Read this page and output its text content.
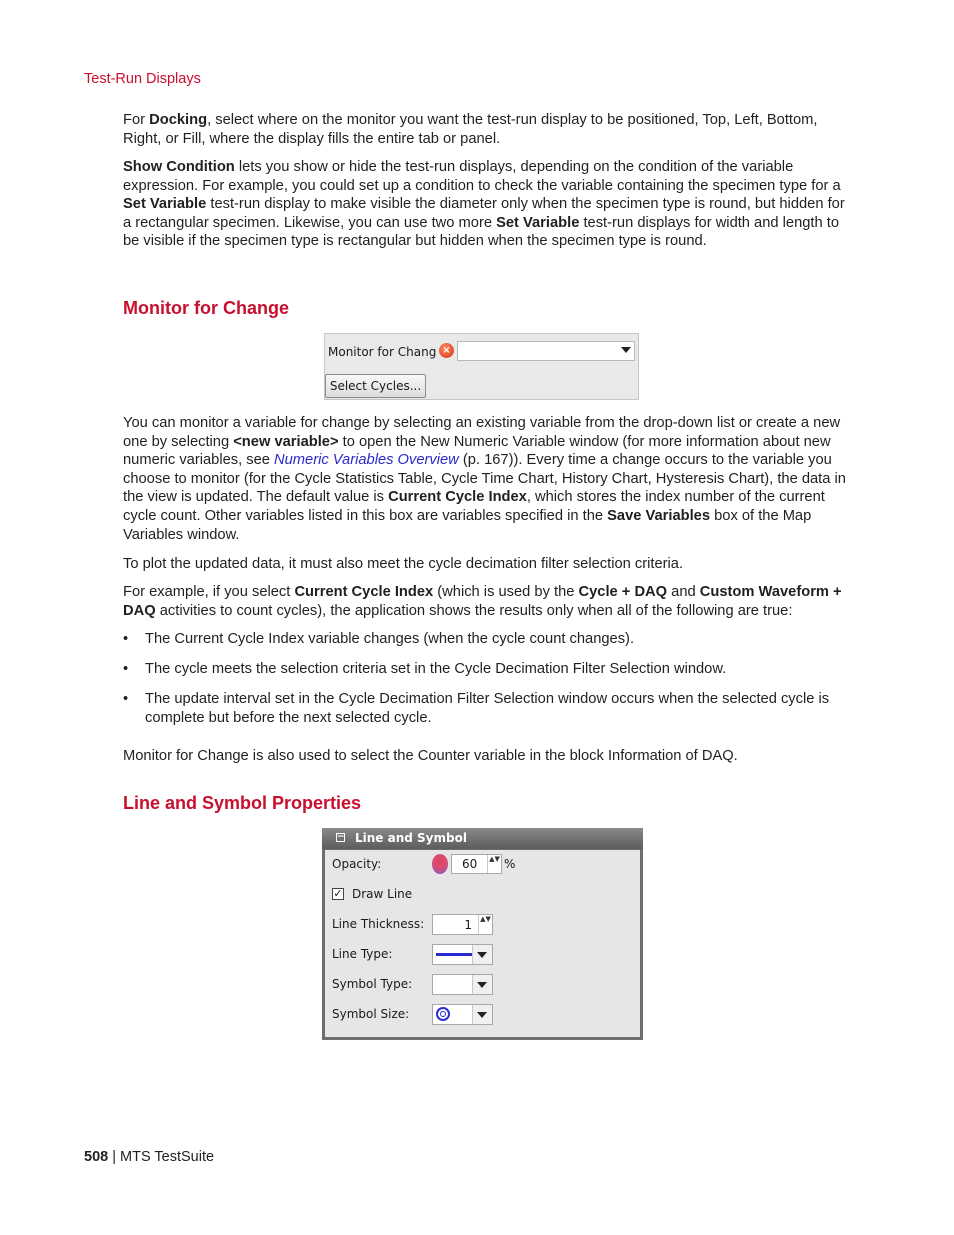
Test-Run Displays

For Docking, select where on the monitor you want the test-run display to be positioned, Top, Left, Bottom, Right, or Fill, where the display fills the entire tab or panel.

Show Condition lets you show or hide the test-run displays, depending on the condition of the variable expression. For example, you could set up a condition to check the variable containing the specimen type for a Set Variable test-run display to make visible the diameter only when the specimen type is round, but hidden for a rectangular specimen. Likewise, you can use two more Set Variable test-run displays for width and length to be visible if the specimen type is rectangular but hidden when the specimen type is round.

Monitor for Change
Monitor for Chang ×
Select Cycles...

You can monitor a variable for change by selecting an existing variable from the drop-down list or create a new one by selecting <new variable> to open the New Numeric Variable window (for more information about new numeric variables, see Numeric Variables Overview (p. 167)). Every time a change occurs to the variable you choose to monitor (for the Cycle Statistics Table, Cycle Time Chart, History Chart, Hysteresis Chart), the data in the view is updated. The default value is Current Cycle Index, which stores the index number of the current cycle count. Other variables listed in this box are variables specified in the Save Variables box of the Map Variables window.

To plot the updated data, it must also meet the cycle decimation filter selection criteria.

For example, if you select Current Cycle Index (which is used by the Cycle + DAQ and Custom Waveform + DAQ activities to count cycles), the application shows the results only when all of the following are true:

• The Current Cycle Index variable changes (when the cycle count changes).
• The cycle meets the selection criteria set in the Cycle Decimation Filter Selection window.
• The update interval set in the Cycle Decimation Filter Selection window occurs when the selected cycle is complete but before the next selected cycle.

Monitor for Change is also used to select the Counter variable in the block Information of DAQ.

Line and Symbol Properties
− Line and Symbol
Opacity:	60	▲▼ %
✓ Draw Line
Line Thickness:	1	▲▼
Line Type:
Symbol Type:
Symbol Size:
508 | MTS TestSuite
